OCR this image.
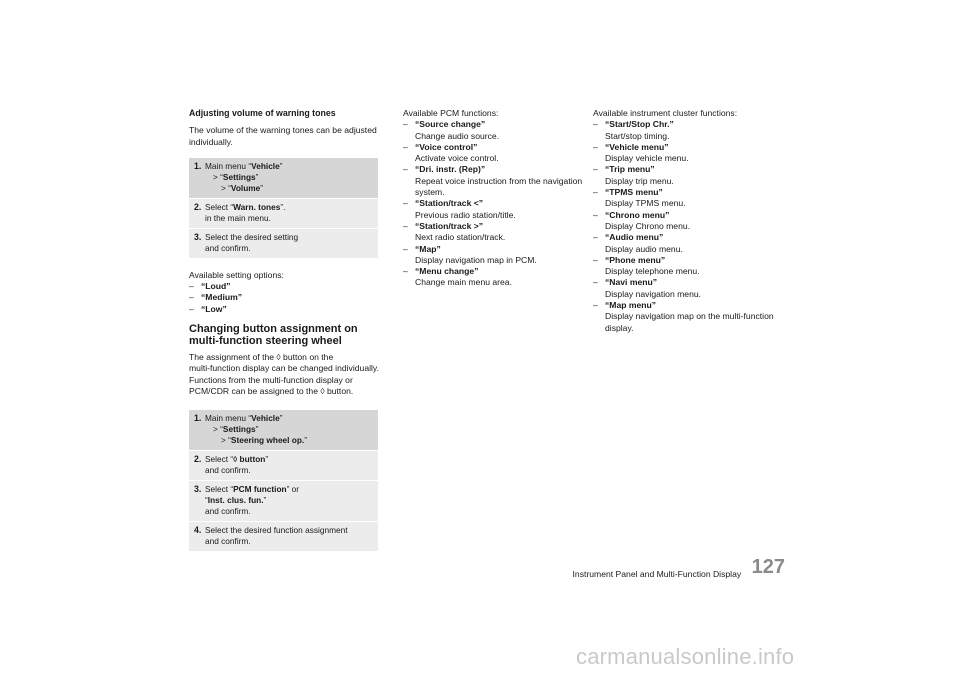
Adjusting volume of warning tones

The volume of the warning tones can be adjusted individually.

1. Main menu “Vehicle”
> “Settings”
> “Volume”
2. Select “Warn. tones”.
in the main menu.
3. Select the desired setting
and confirm.
Available setting options:
– “Loud”
– “Medium”
– “Low”
Changing button assignment on
multi-function steering wheel
The assignment of the ◊ button on the
multi-function display can be changed individually.
Functions from the multi-function display or
PCM/CDR can be assigned to the ◊ button.
1. Main menu “Vehicle”
> “Settings”
> “Steering wheel op.”
2. Select “◊ button”
and confirm.
3. Select “PCM function” or
“Inst. clus. fun.”
and confirm.
4. Select the desired function assignment
and confirm.
Available PCM functions:
– “Source change”
Change audio source.
– “Voice control”
Activate voice control.
– “Dri. instr. (Rep)”
Repeat voice instruction from the navigation
system.
– “Station/track <”
Previous radio station/title.
– “Station/track >”
Next radio station/track.
– “Map”
Display navigation map in PCM.
– “Menu change”
Change main menu area.
Available instrument cluster functions:
– “Start/Stop Chr.”
Start/stop timing.
– “Vehicle menu”
Display vehicle menu.
– “Trip menu”
Display trip menu.
– “TPMS menu”
Display TPMS menu.
– “Chrono menu”
Display Chrono menu.
– “Audio menu”
Display audio menu.
– “Phone menu”
Display telephone menu.
– “Navi menu”
Display navigation menu.
– “Map menu”
Display navigation map on the multi-function
display.
Instrument Panel and Multi-Function Display 127
carmanualsonline.info
